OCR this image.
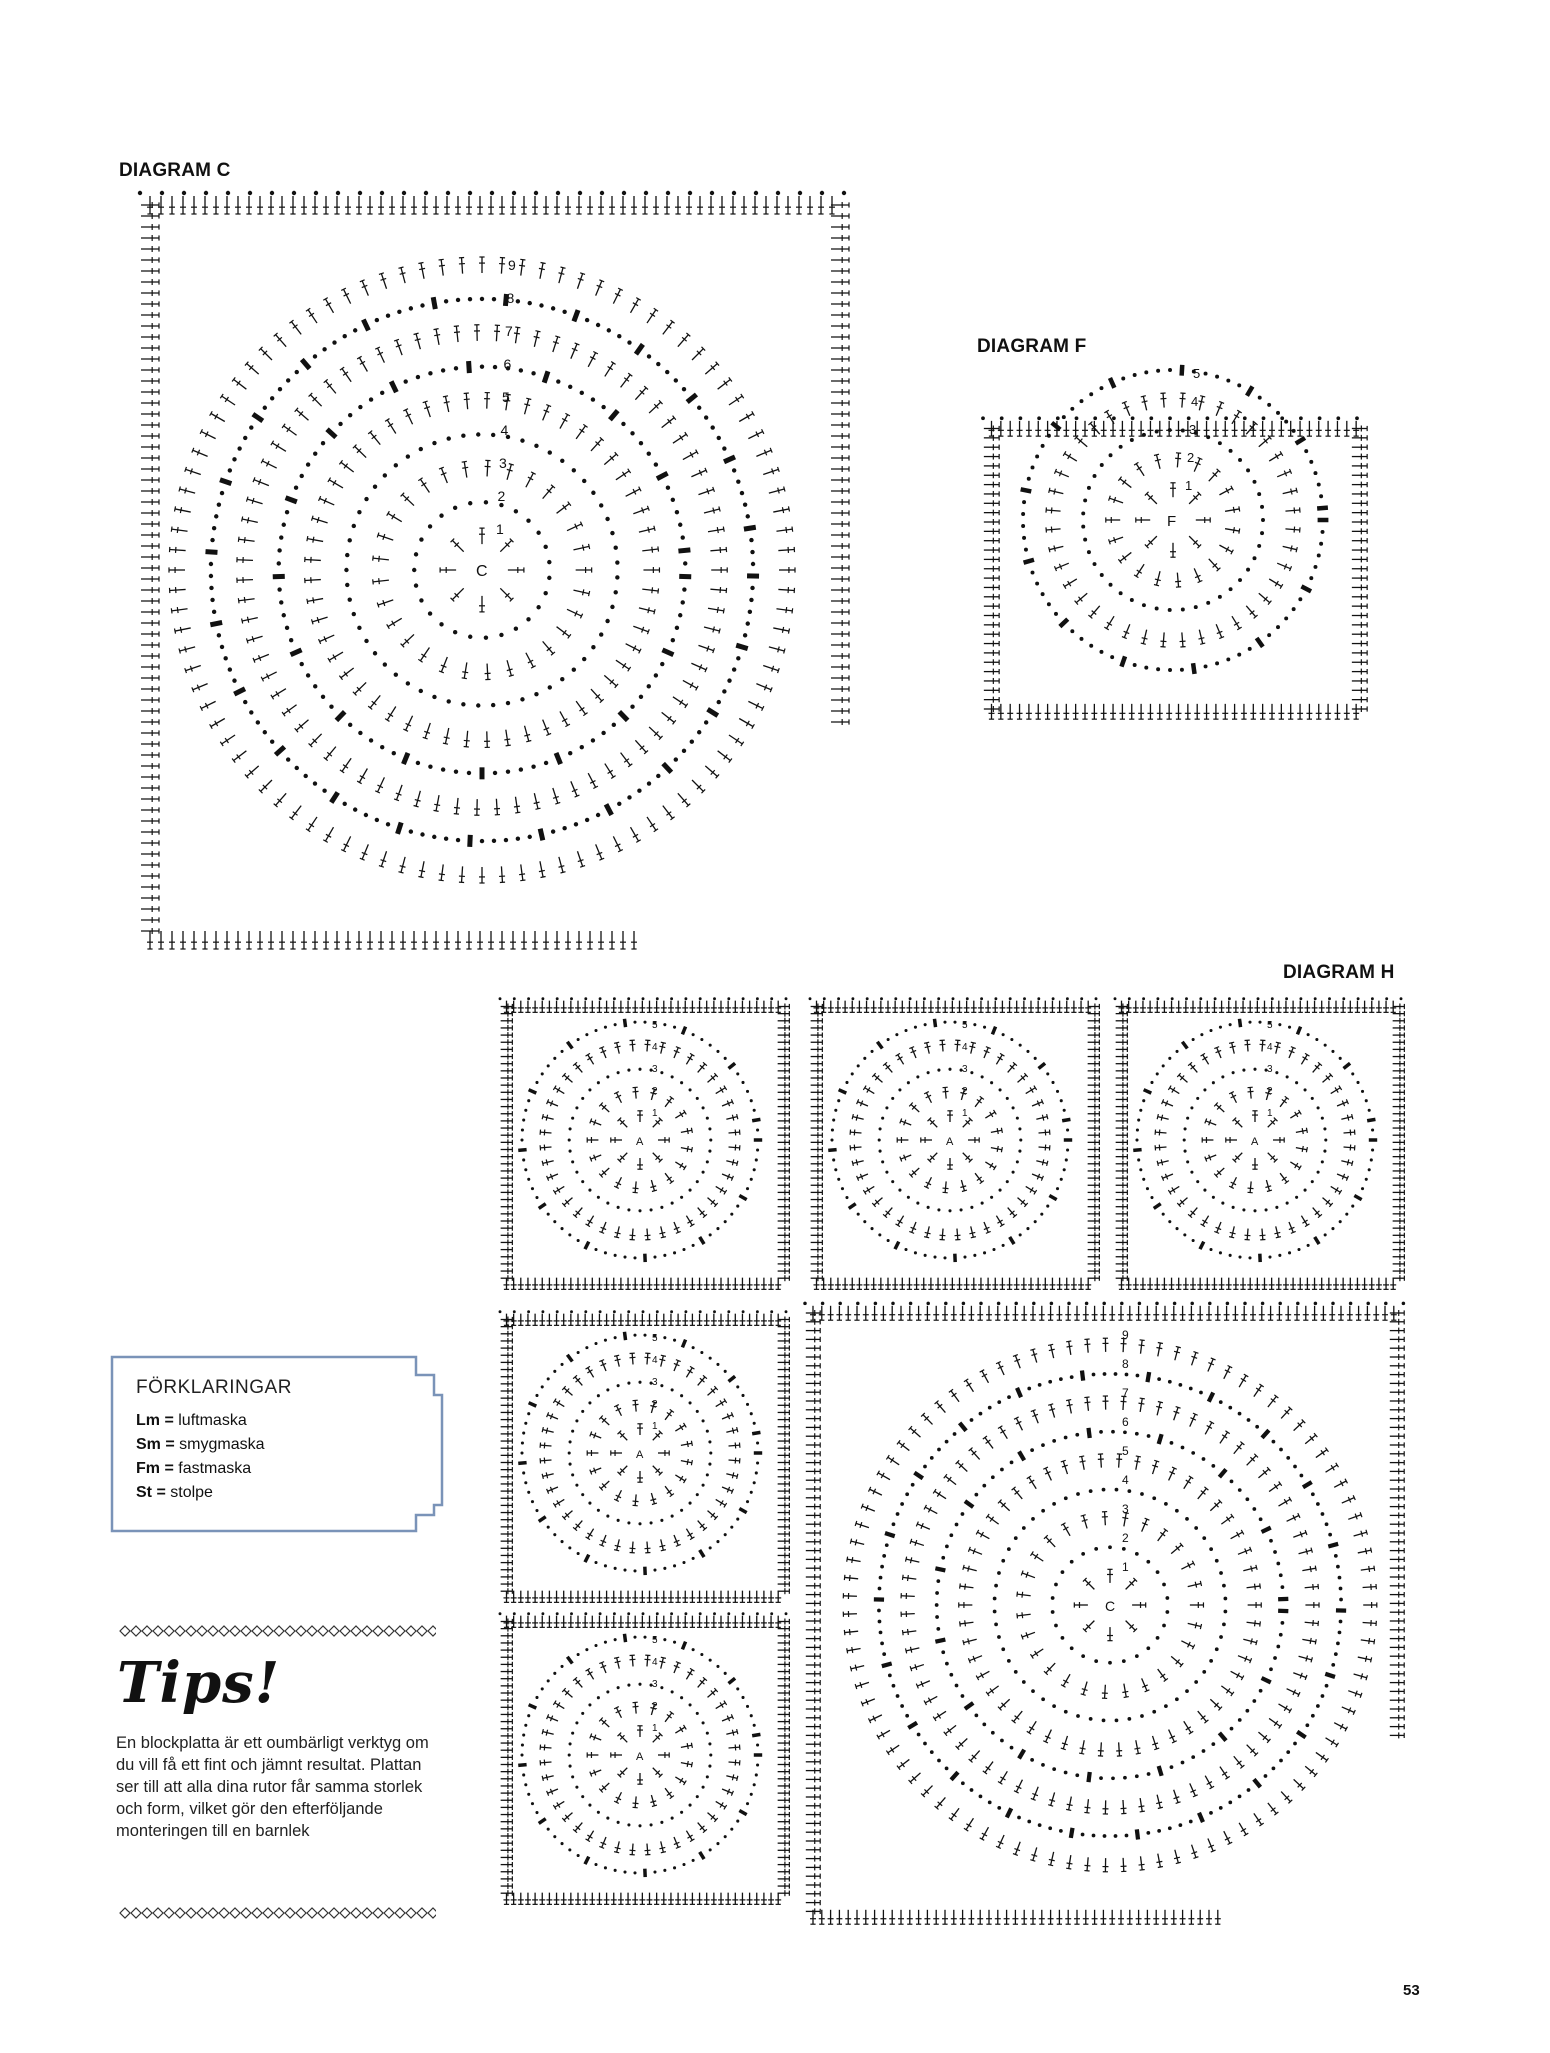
DIAGRAM C
DIAGRAM F
DIAGRAM H
C
1
2
3
4
5
6
7
8
9
F
1
2
3
4
5
A
1
2
3
4
5
A
1
2
3
4
5
A
1
2
3
4
5
A
1
2
3
4
5
A
1
2
3
4
5
C
1
2
3
4
5
6
7
8
9
FÖRKLARINGAR
Lm = luftmaska
Sm = smygmaska
Fm = fastmaska
St = stolpe
Tips!
En blockplatta är ett oumbärligt verktyg om du vill få ett fint och jämnt resultat. Plattan ser till att alla dina rutor får samma storlek och form, vilket gör den efterföljande monteringen till en barnlek
53
